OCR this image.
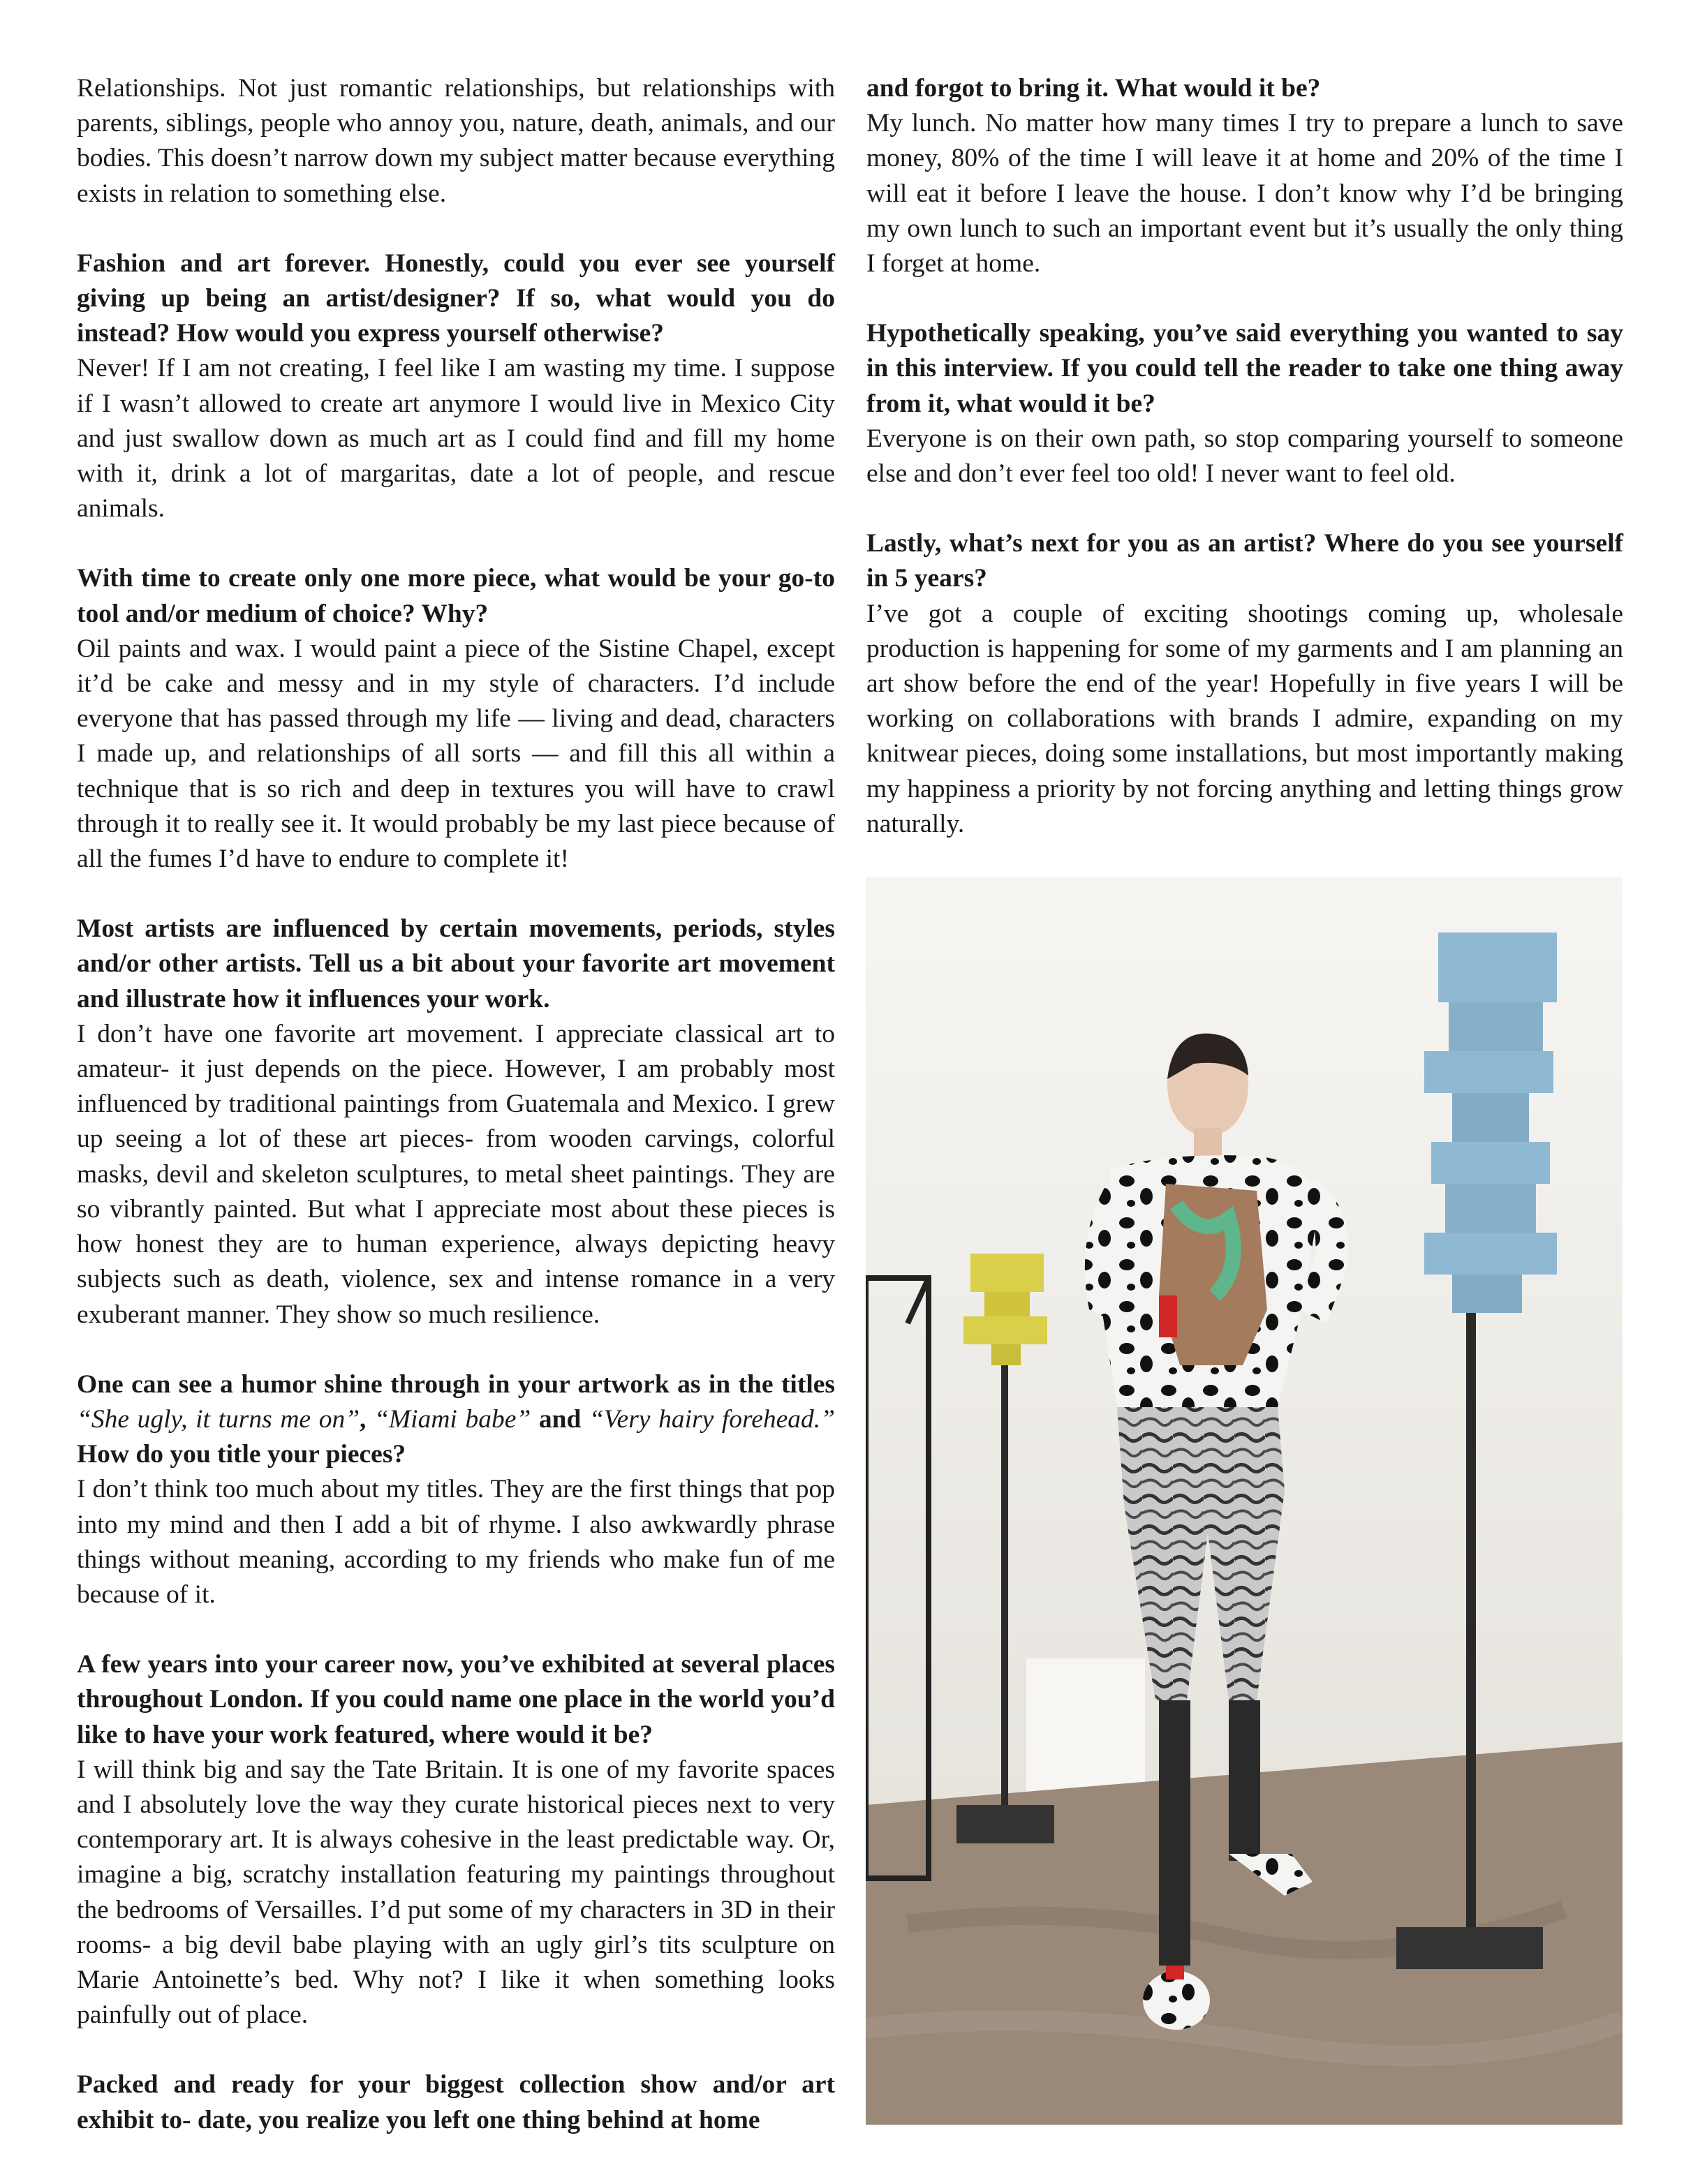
Relationships. Not just romantic relationships, but relationships with parents, siblings, people who annoy you, nature, death, animals, and our bodies. This doesn’t narrow down my subject matter because everything exists in relation to something else.

Fashion and art forever. Honestly, could you ever see yourself giving up being an artist/designer? If so, what would you do instead? How would you express yourself otherwise?

Never! If I am not creating, I feel like I am wasting my time. I suppose if I wasn’t allowed to create art anymore I would live in Mexico City and just swallow down as much art as I could find and fill my home with it, drink a lot of margaritas, date a lot of people, and rescue animals.

With time to create only one more piece, what would be your go-to tool and/or medium of choice? Why?

Oil paints and wax. I would paint a piece of the Sistine Chapel, except it’d be cake and messy and in my style of characters. I’d include everyone that has passed through my life — living and dead, characters I made up, and relationships of all sorts — and fill this all within a technique that is so rich and deep in textures you will have to crawl through it to really see it. It would probably be my last piece because of all the fumes I’d have to endure to complete it!

Most artists are influenced by certain movements, periods, styles and/or other artists. Tell us a bit about your favorite art movement and illustrate how it influences your work.

I don’t have one favorite art movement. I appreciate classical art to amateur- it just depends on the piece. However, I am probably most influenced by traditional paintings from Guatemala and Mexico. I grew up seeing a lot of these art pieces- from wooden carvings, colorful masks, devil and skeleton sculptures, to metal sheet paintings. They are so vibrantly painted. But what I appreciate most about these pieces is how honest they are to human experience, always depicting heavy subjects such as death, violence, sex and intense romance in a very exuberant manner. They show so much resilience.

One can see a humor shine through in your artwork as in the titles “She ugly, it turns me on”, “Miami babe” and “Very hairy forehead.” How do you title your pieces?

I don’t think too much about my titles. They are the first things that pop into my mind and then I add a bit of rhyme. I also awkwardly phrase things without meaning, according to my friends who make fun of me because of it.

A few years into your career now, you’ve exhibited at several places throughout London. If you could name one place in the world you’d like to have your work featured, where would it be?

I will think big and say the Tate Britain. It is one of my favorite spaces and I absolutely love the way they curate historical pieces next to very contemporary art. It is always cohesive in the least predictable way. Or, imagine a big, scratchy installation featuring my paintings throughout the bedrooms of Versailles. I’d put some of my characters in 3D in their rooms- a big devil babe playing with an ugly girl’s tits sculpture on Marie Antoinette’s bed. Why not? I like it when something looks painfully out of place.

Packed and ready for your biggest collection show and/or art exhibit to- date, you realize you left one thing behind at home

and forgot to bring it. What would it be?

My lunch. No matter how many times I try to prepare a lunch to save money, 80% of the time I will leave it at home and 20% of the time I will eat it before I leave the house. I don’t know why I’d be bringing my own lunch to such an important event but it’s usually the only thing I forget at home.

Hypothetically speaking, you’ve said everything you wanted to say in this interview. If you could tell the reader to take one thing away from it, what would it be?

Everyone is on their own path, so stop comparing yourself to someone else and don’t ever feel too old! I never want to feel old.

Lastly, what’s next for you as an artist? Where do you see yourself in 5 years?

I’ve got a couple of exciting shootings coming up, wholesale production is happening for some of my garments and I am planning an art show before the end of the year! Hopefully in five years I will be working on collaborations with brands I admire, expanding on my knitwear pieces, doing some installations, but most importantly making my happiness a priority by not forcing anything and letting things grow naturally.
